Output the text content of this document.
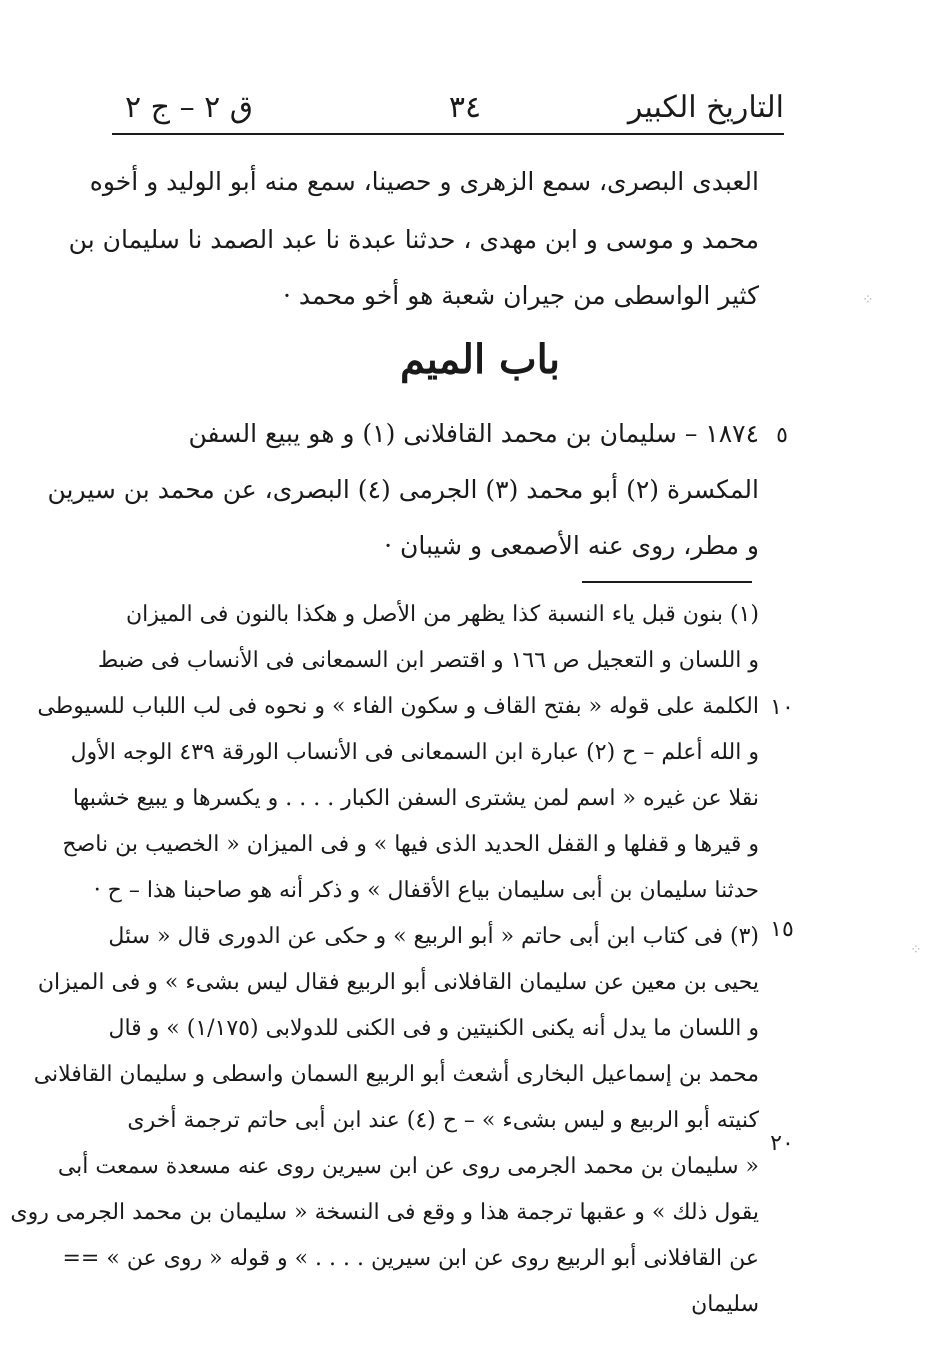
التاريخ الكبير
٣٤
ق ٢ – ج ٢
العبدى البصرى، سمع الزهرى و حصينا، سمع منه أبو الوليد و أخوه
محمد و موسى و ابن مهدى ، حدثنا عبدة نا عبد الصمد نا سليمان بن
كثير الواسطى من جيران شعبة هو أخو محمد ·
باب الميم
١٨٧٤ – سليمان بن محمد القافلانى (١) و هو يبيع السفن
المكسرة (٢) أبو محمد (٣) الجرمى (٤) البصرى، عن محمد بن سيرين
و مطر، روى عنه الأصمعى و شيبان ·
(١) بنون قبل ياء النسبة كذا يظهر من الأصل و هكذا بالنون فى الميزان
و اللسان و التعجيل ص ١٦٦ و اقتصر ابن السمعانى فى الأنساب فى ضبط
الكلمة على قوله « بفتح القاف و سكون الفاء » و نحوه فى لب اللباب للسيوطى
و الله أعلم – ح (٢) عبارة ابن السمعانى فى الأنساب الورقة ٤٣٩ الوجه الأول
نقلا عن غيره « اسم لمن يشترى السفن الكبار . . . . و يكسرها و يبيع خشبها
و قيرها و قفلها و القفل الحديد الذى فيها » و فى الميزان « الخصيب بن ناصح
حدثنا سليمان بن أبى سليمان بياع الأقفال » و ذكر أنه هو صاحبنا هذا – ح ·
(٣) فى كتاب ابن أبى حاتم « أبو الربيع » و حكى عن الدورى قال « سئل
يحيى بن معين عن سليمان القافلانى أبو الربيع فقال ليس بشىء » و فى الميزان
و اللسان ما يدل أنه يكنى الكنيتين و فى الكنى للدولابى (١/١٧٥) » و قال
محمد بن إسماعيل البخارى أشعث أبو الربيع السمان واسطى و سليمان القافلانى
كنيته أبو الربيع و ليس بشىء » – ح (٤) عند ابن أبى حاتم ترجمة أخرى
« سليمان بن محمد الجرمى روى عن ابن سيرين روى عنه مسعدة سمعت أبى
يقول ذلك » و عقبها ترجمة هذا و وقع فى النسخة « سليمان بن محمد الجرمى روى
عن القافلانى أبو الربيع روى عن ابن سيرين . . . . » و قوله « روى عن » ==
سليمان
٥
١٠
١٥
٢٠
⁘
⁘
